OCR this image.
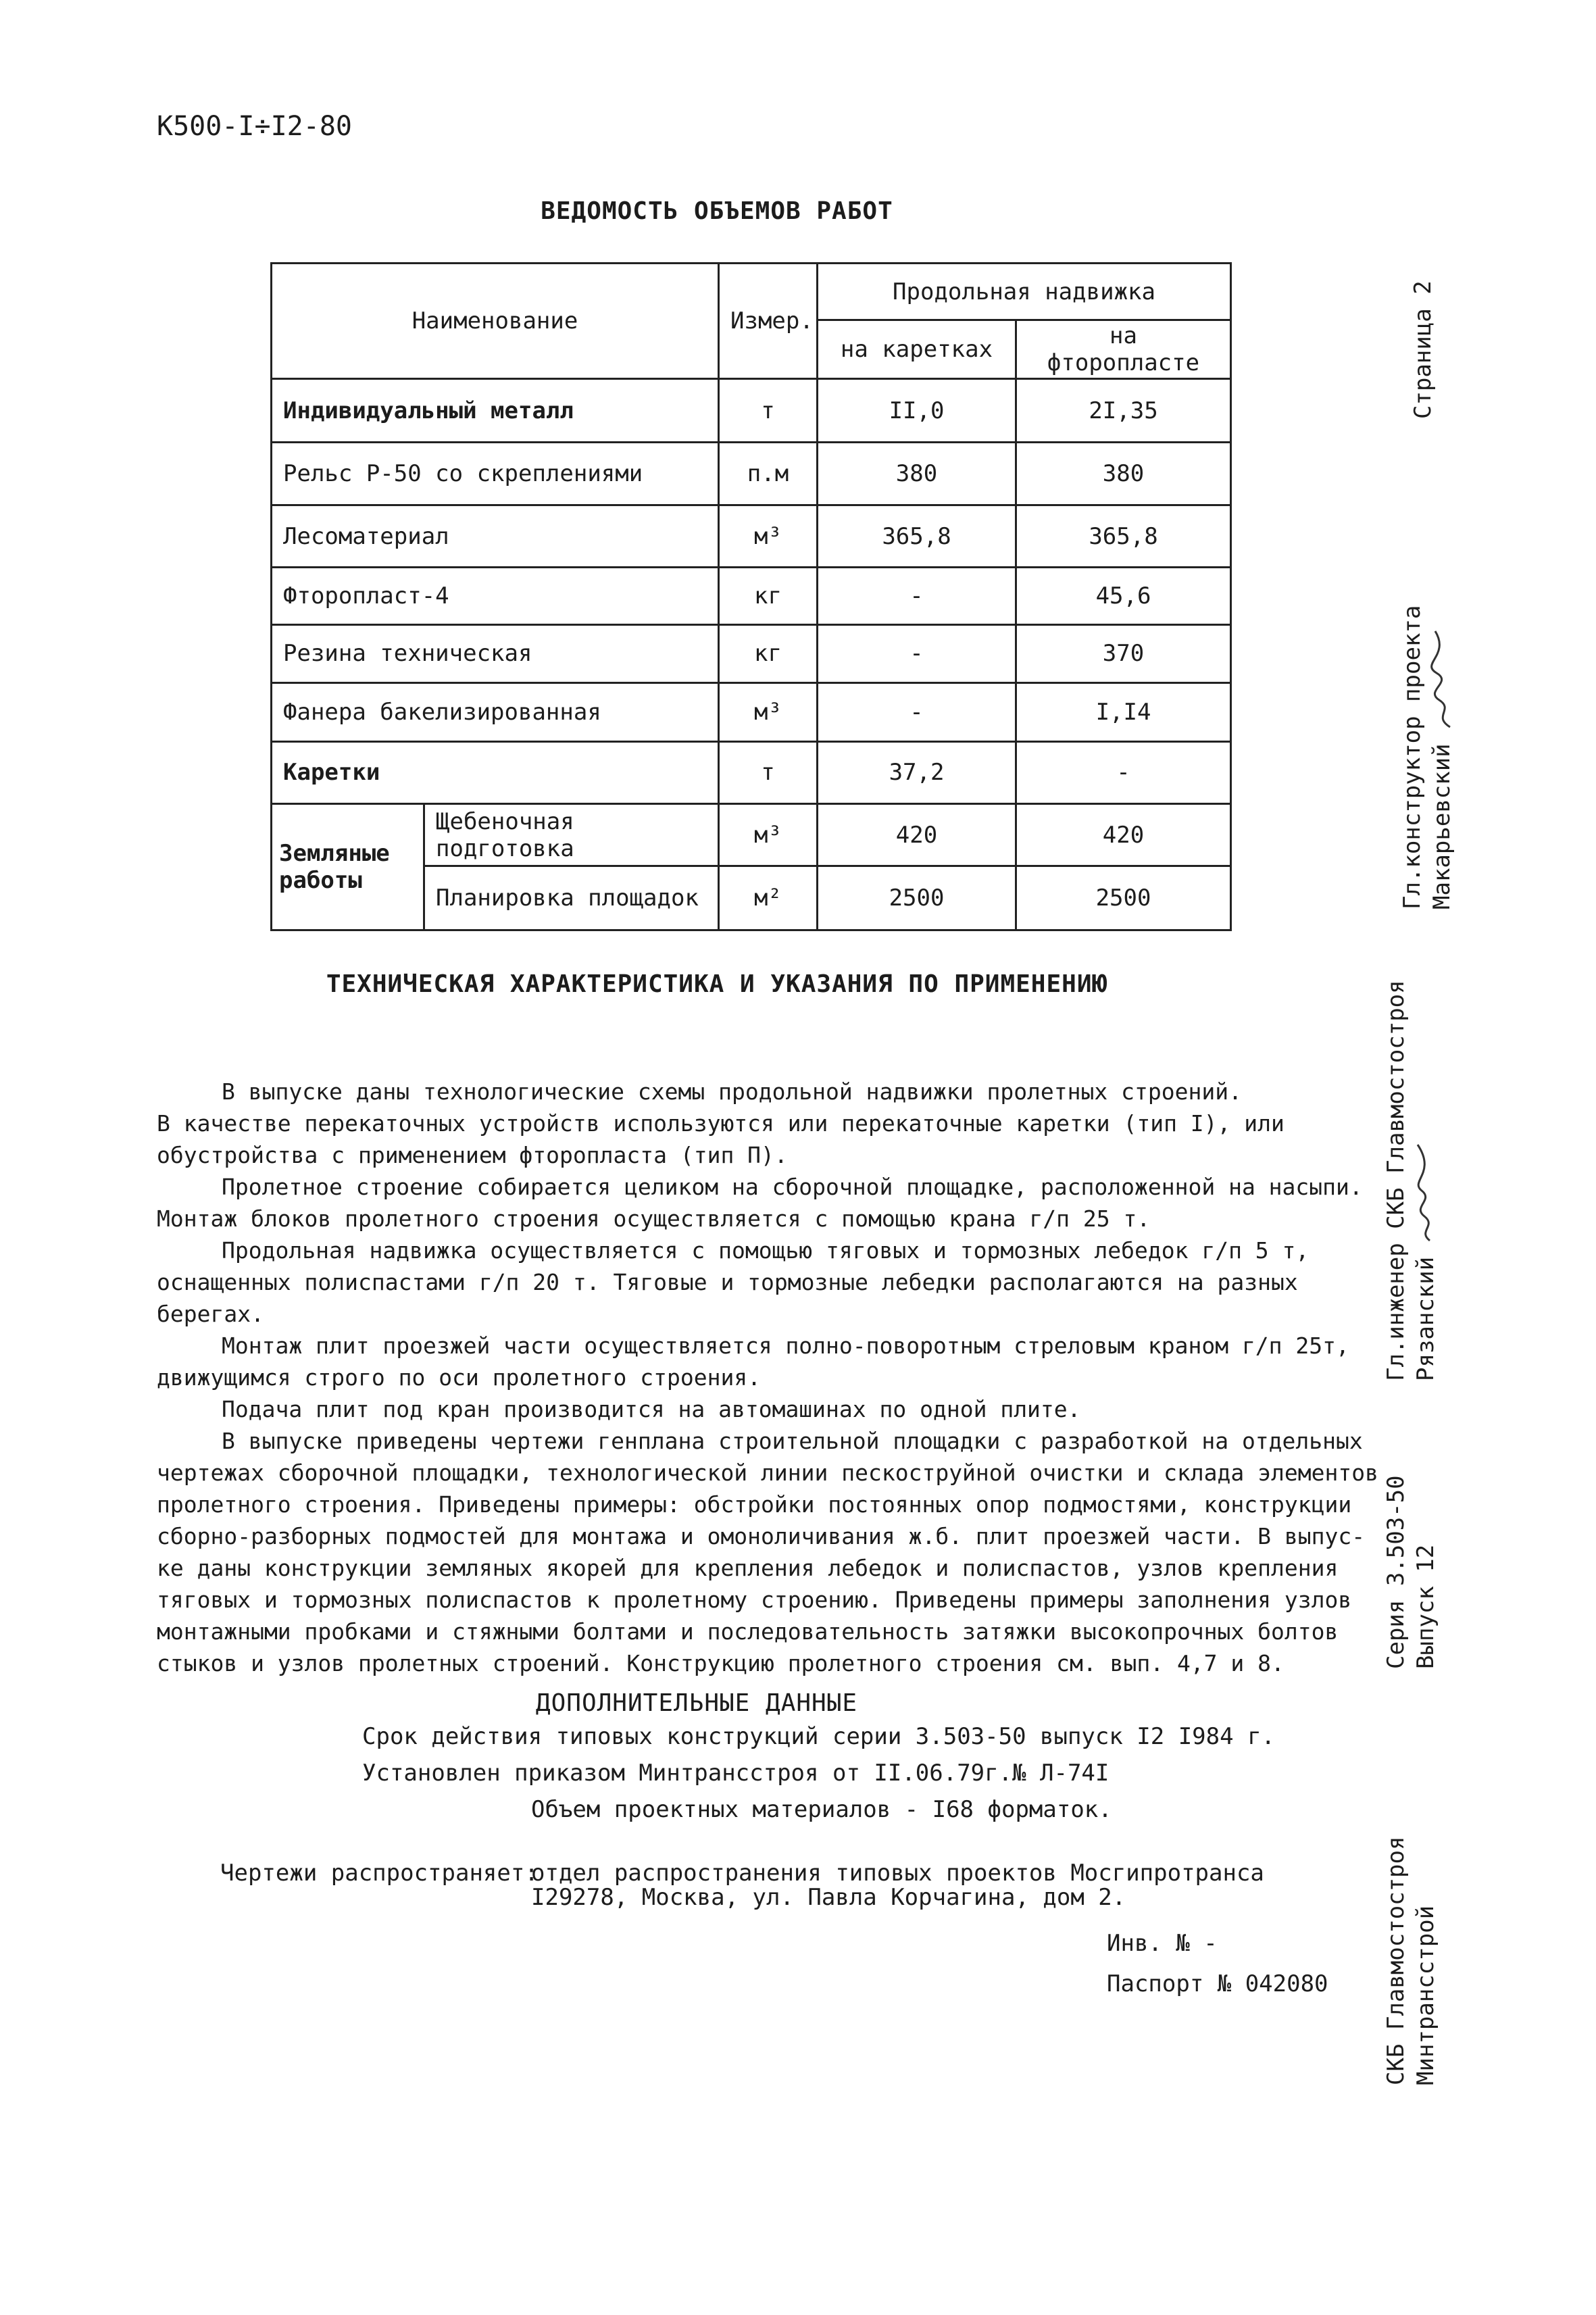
К500-I÷I2-80
ВЕДОМОСТЬ ОБЪЕМОВ РАБОТ
Наименование		Измер.	Продольная надвижка	
			на каретках	на фторопласте
Индивидуальный металл		т	II,0	2I,35
Рельс Р-50 со скреплениями		п.м	380	380
Лесоматериал		м³	365,8	365,8
Фторопласт-4		кг	-	45,6
Резина техническая		кг	-	370
Фанера бакелизированная		м³	-	I,I4
Каретки		т	37,2	-
Земляные работы	Щебеночная подготовка	м³	420	420
	Планировка площадок	м²	2500	2500
ТЕХНИЧЕСКАЯ ХАРАКТЕРИСТИКА И УКАЗАНИЯ ПО ПРИМЕНЕНИЮ
В выпуске даны технологические схемы продольной надвижки пролетных строений.
В качестве перекаточных устройств используются или перекаточные каретки (тип I), или
обустройства с применением фторопласта (тип П).
Пролетное строение собирается целиком на сборочной площадке, расположенной на насыпи.
Монтаж блоков пролетного строения осуществляется с помощью крана г/п 25 т.
Продольная надвижка осуществляется с помощью тяговых и тормозных лебедок г/п 5 т,
оснащенных полиспастами г/п 20 т. Тяговые и тормозные лебедки располагаются на разных
берегах.
Монтаж плит проезжей части осуществляется полно-поворотным стреловым краном г/п 25т,
движущимся строго по оси пролетного строения.
Подача плит под кран производится на автомашинах по одной плите.
В выпуске приведены чертежи генплана строительной площадки с разработкой на отдельных
чертежах сборочной площадки, технологической линии пескоструйной очистки и склада элементов
пролетного строения. Приведены примеры: обстройки постоянных опор подмостями, конструкции
сборно-разборных подмостей для монтажа и омоноличивания ж.б. плит проезжей части. В выпус-
ке даны конструкции земляных якорей для крепления лебедок и полиспастов, узлов крепления
тяговых и тормозных полиспастов к пролетному строению. Приведены примеры заполнения узлов
монтажными пробками и стяжными болтами и последовательность затяжки высокопрочных болтов
стыков и узлов пролетных строений. Конструкцию пролетного строения см. вып. 4,7 и 8.
ДОПОЛНИТЕЛЬНЫЕ ДАННЫЕ
Срок действия типовых конструкций серии 3.503-50 выпуск I2 I984 г.
Установлен приказом Минтрансстроя от II.06.79г.№ Л-74I
Объем проектных материалов - I68 форматок.
Чертежи распространяет:
отдел распространения типовых проектов Мосгипротранса
I29278, Москва, ул. Павла Корчагина, дом 2.
Инв. № -
Паспорт № 042080
Страница 2
Гл.конструктор проекта Макарьевский
Гл.инженер СКБ Главмостостроя Рязанский
Серия 3.503-50 Выпуск 12
СКБ Главмостостроя Минтрансстрой
